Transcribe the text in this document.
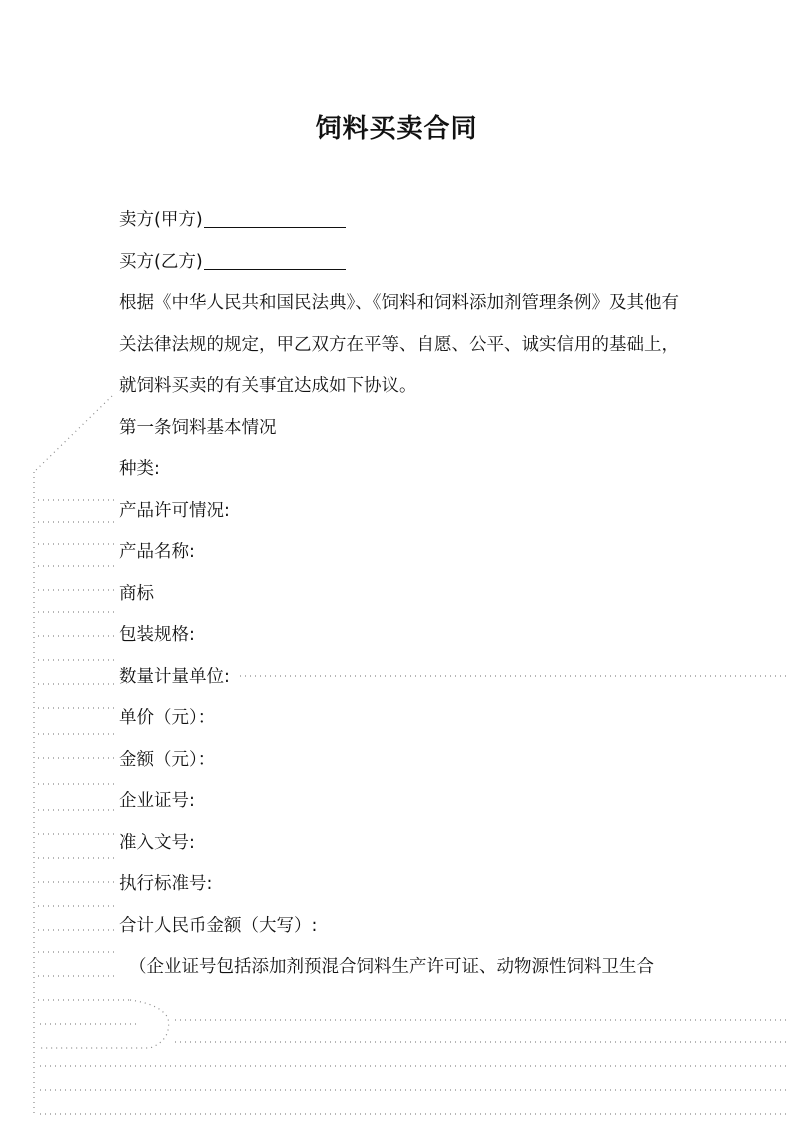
饲料买卖合同
卖方(甲方)
买方(乙方)
根据《中华人民共和国民法典》、《饲料和饲料添加剂管理条例》及其他有关法律法规的规定，甲乙双方在平等、自愿、公平、诚实信用的基础上，就饲料买卖的有关事宜达成如下协议。
第一条饲料基本情况
种类:
产品许可情况:
产品名称:
商标
包装规格:
数量计量单位:
单价（元）：
金额（元）：
企业证号:
准入文号:
执行标准号:
合计人民币金额（大写）:
（企业证号包括添加剂预混合饲料生产许可证、动物源性饲料卫生合
